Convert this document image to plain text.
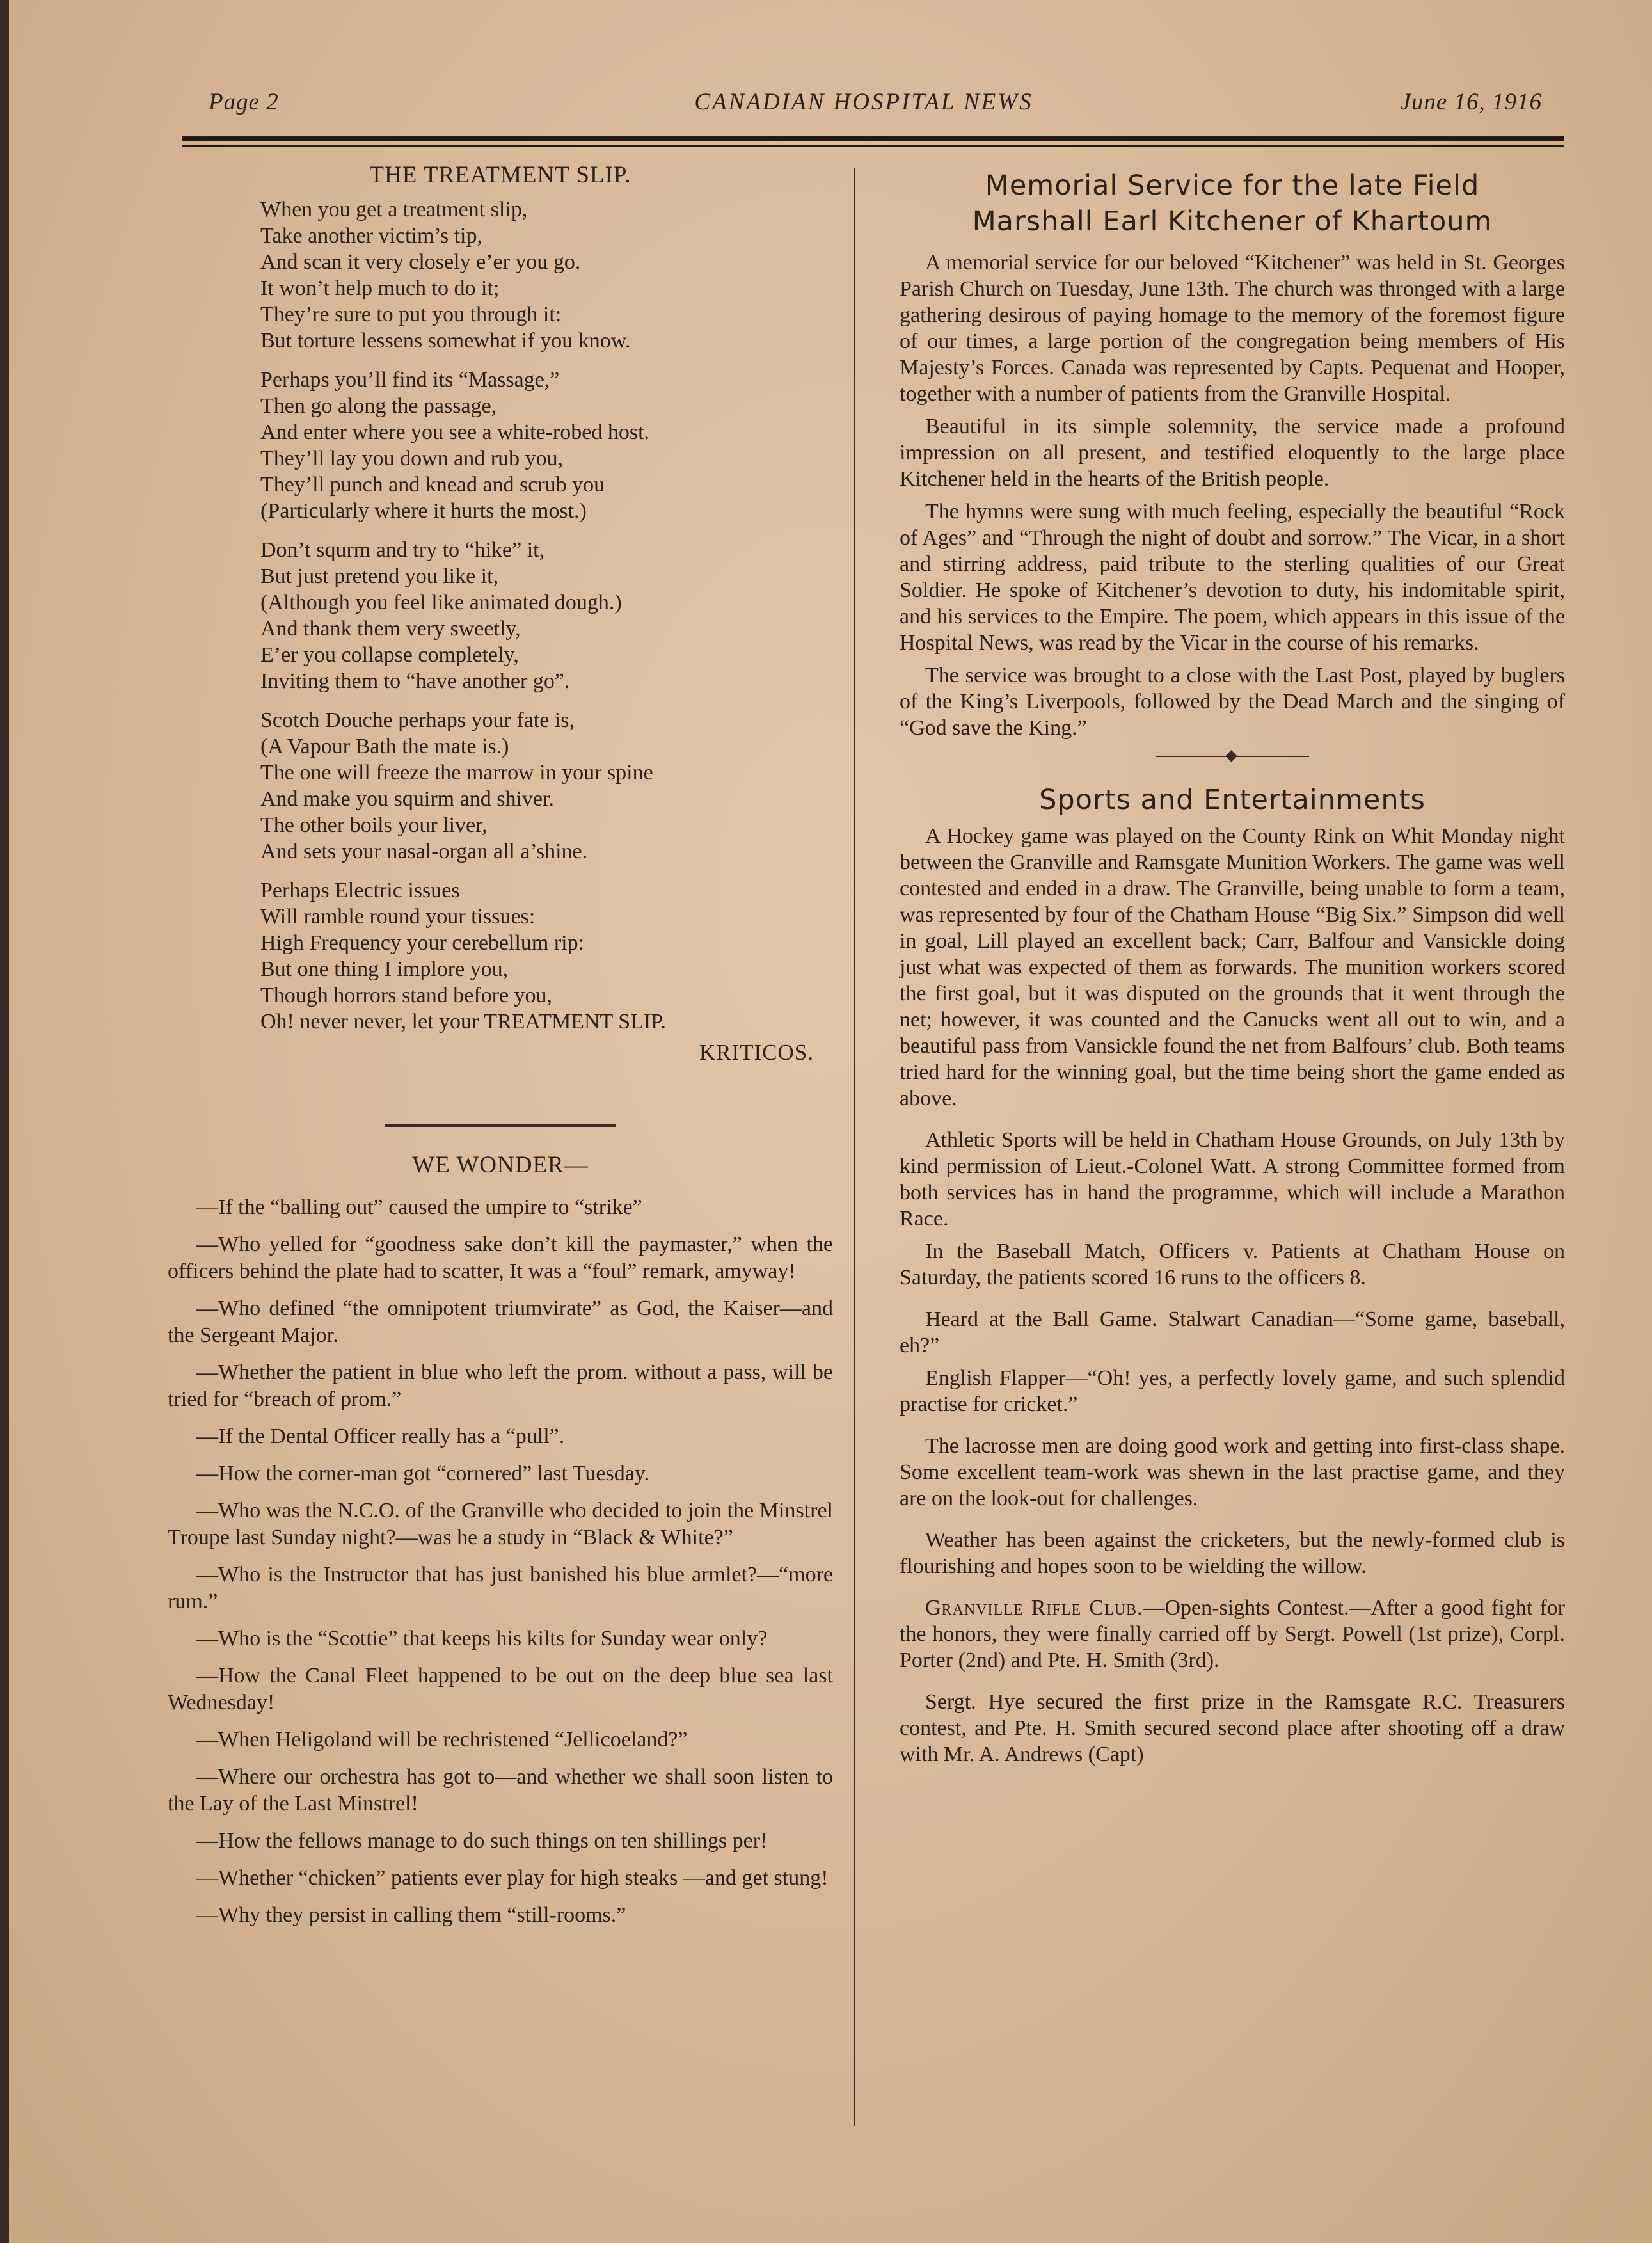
Page 2	CANADIAN HOSPITAL NEWS	June 16, 1916
THE TREATMENT SLIP.
When you get a treatment slip,
Take another victim’s tip,
And scan it very closely e’er you go.
It won’t help much to do it;
They’re sure to put you through it:
But torture lessens somewhat if you know.
Perhaps you’ll find its “Massage,”
Then go along the passage,
And enter where you see a white-robed host.
They’ll lay you down and rub you,
They’ll punch and knead and scrub you
(Particularly where it hurts the most.)
Don’t squrm and try to “hike” it,
But just pretend you like it,
(Although you feel like animated dough.)
And thank them very sweetly,
E’er you collapse completely,
Inviting them to “have another go”.
Scotch Douche perhaps your fate is,
(A Vapour Bath the mate is.)
The one will freeze the marrow in your spine
And make you squirm and shiver.
The other boils your liver,
And sets your nasal-organ all a’shine.
Perhaps Electric issues
Will ramble round your tissues:
High Frequency your cerebellum rip:
But one thing I implore you,
Though horrors stand before you,
Oh! never never, let your TREATMENT SLIP.
KRITICOS.
WE WONDER—

—If the “balling out” caused the umpire to “strike”

—Who yelled for “goodness sake don’t kill the paymaster,” when the officers behind the plate had to scatter, It was a “foul” remark, amyway!

—Who defined “the omnipotent triumvirate” as God, the Kaiser—and the Sergeant Major.

—Whether the patient in blue who left the prom. without a pass, will be tried for “breach of prom.”

—If the Dental Officer really has a “pull”.

—How the corner-man got “cornered” last Tuesday.

—Who was the N.C.O. of the Granville who decided to join the Minstrel Troupe last Sunday night?—was he a study in “Black & White?”

—Who is the Instructor that has just banished his blue armlet?—“more rum.”

—Who is the “Scottie” that keeps his kilts for Sunday wear only?

—How the Canal Fleet happened to be out on the deep blue sea last Wednesday!

—When Heligoland will be rechristened “Jellicoeland?”

—Where our orchestra has got to—and whether we shall soon listen to the Lay of the Last Minstrel!

—How the fellows manage to do such things on ten shillings per!

—Whether “chicken” patients ever play for high steaks —and get stung!

—Why they persist in calling them “still-rooms.”

Memorial Service for the late Field
Marshall Earl Kitchener of Khartoum

A memorial service for our beloved “Kitchener” was held in St. Georges Parish Church on Tuesday, June 13th. The church was thronged with a large gathering desirous of paying homage to the memory of the foremost figure of our times, a large portion of the congregation being members of His Majesty’s Forces. Canada was represented by Capts. Pequenat and Hooper, together with a number of patients from the Granville Hospital.

Beautiful in its simple solemnity, the service made a profound impression on all present, and testified eloquently to the large place Kitchener held in the hearts of the British people.

The hymns were sung with much feeling, especially the beautiful “Rock of Ages” and “Through the night of doubt and sorrow.” The Vicar, in a short and stirring address, paid tribute to the sterling qualities of our Great Soldier. He spoke of Kitchener’s devotion to duty, his indomitable spirit, and his services to the Empire. The poem, which appears in this issue of the Hospital News, was read by the Vicar in the course of his remarks.

The service was brought to a close with the Last Post, played by buglers of the King’s Liverpools, followed by the Dead March and the singing of “God save the King.”

Sports and Entertainments

A Hockey game was played on the County Rink on Whit Monday night between the Granville and Ramsgate Munition Workers. The game was well contested and ended in a draw. The Granville, being unable to form a team, was represented by four of the Chatham House “Big Six.” Simpson did well in goal, Lill played an excellent back; Carr, Balfour and Vansickle doing just what was expected of them as forwards. The munition workers scored the first goal, but it was disputed on the grounds that it went through the net; however, it was counted and the Canucks went all out to win, and a beautiful pass from Vansickle found the net from Balfours’ club. Both teams tried hard for the winning goal, but the time being short the game ended as above.

Athletic Sports will be held in Chatham House Grounds, on July 13th by kind permission of Lieut.-Colonel Watt. A strong Committee formed from both services has in hand the programme, which will include a Marathon Race.

In the Baseball Match, Officers v. Patients at Chatham House on Saturday, the patients scored 16 runs to the officers 8.

Heard at the Ball Game. Stalwart Canadian—“Some game, baseball, eh?”

English Flapper—“Oh! yes, a perfectly lovely game, and such splendid practise for cricket.”

The lacrosse men are doing good work and getting into first-class shape. Some excellent team-work was shewn in the last practise game, and they are on the look-out for challenges.

Weather has been against the cricketers, but the newly-formed club is flourishing and hopes soon to be wielding the willow.

Granville Rifle Club.—Open-sights Contest.—After a good fight for the honors, they were finally carried off by Sergt. Powell (1st prize), Corpl. Porter (2nd) and Pte. H. Smith (3rd).

Sergt. Hye secured the first prize in the Ramsgate R.C. Treasurers contest, and Pte. H. Smith secured second place after shooting off a draw with Mr. A. Andrews (Capt)
